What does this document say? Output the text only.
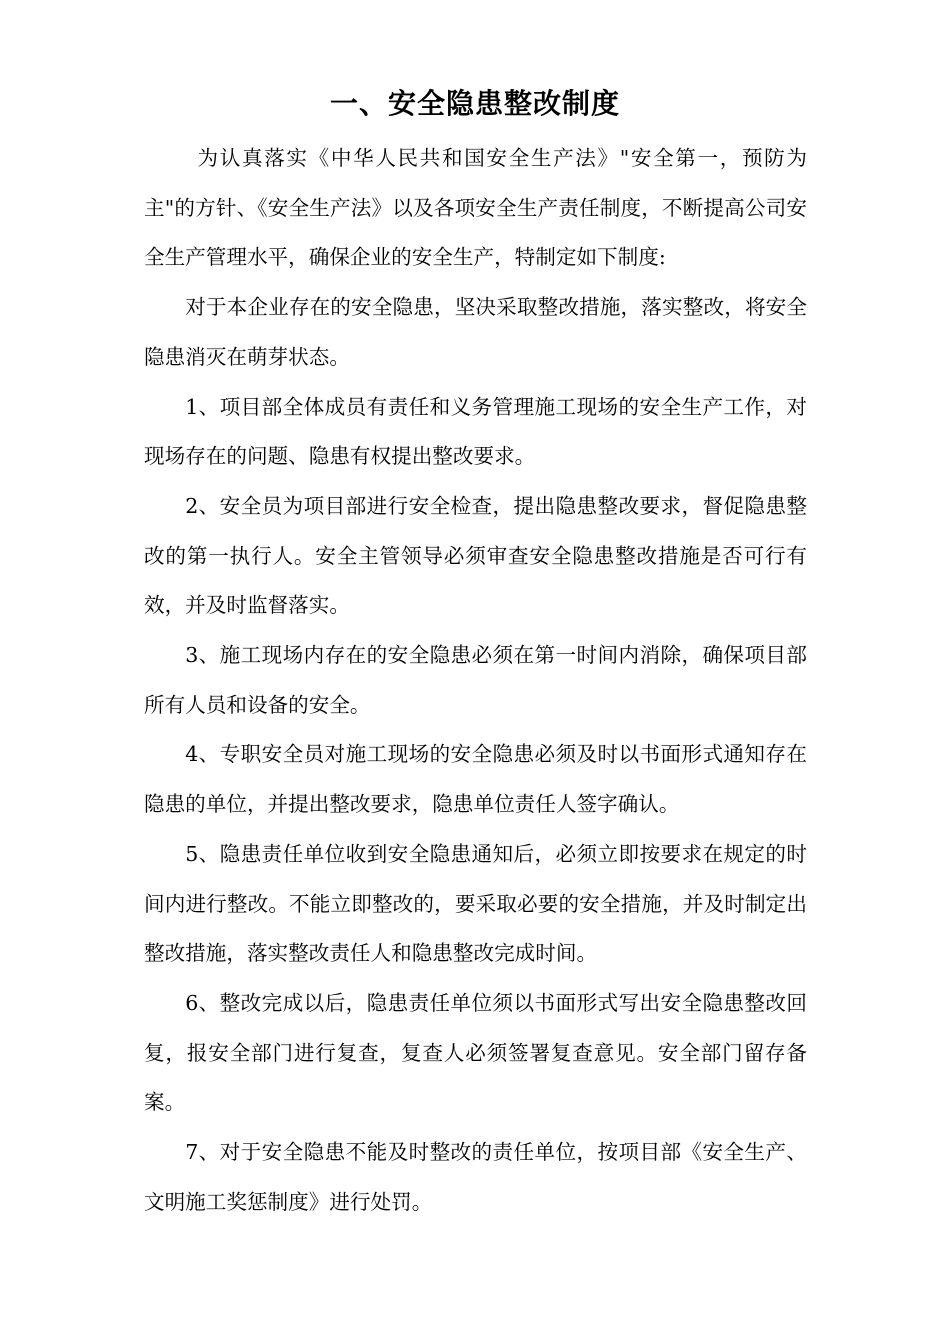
一、安全隐患整改制度

为认真落实《中华人民共和国安全生产法》"安全第一，预防为主"的方针、《安全生产法》以及各项安全生产责任制度，不断提高公司安全生产管理水平，确保企业的安全生产，特制定如下制度:

对于本企业存在的安全隐患，坚决采取整改措施，落实整改，将安全隐患消灭在萌芽状态。

1、项目部全体成员有责任和义务管理施工现场的安全生产工作，对现场存在的问题、隐患有权提出整改要求。

2、安全员为项目部进行安全检查，提出隐患整改要求，督促隐患整改的第一执行人。安全主管领导必须审查安全隐患整改措施是否可行有效，并及时监督落实。

3、施工现场内存在的安全隐患必须在第一时间内消除，确保项目部所有人员和设备的安全。

4、专职安全员对施工现场的安全隐患必须及时以书面形式通知存在隐患的单位，并提出整改要求，隐患单位责任人签字确认。

5、隐患责任单位收到安全隐患通知后，必须立即按要求在规定的时间内进行整改。不能立即整改的，要采取必要的安全措施，并及时制定出整改措施，落实整改责任人和隐患整改完成时间。

6、整改完成以后，隐患责任单位须以书面形式写出安全隐患整改回复，报安全部门进行复查，复查人必须签署复查意见。安全部门留存备案。

7、对于安全隐患不能及时整改的责任单位，按项目部《安全生产、文明施工奖惩制度》进行处罚。
